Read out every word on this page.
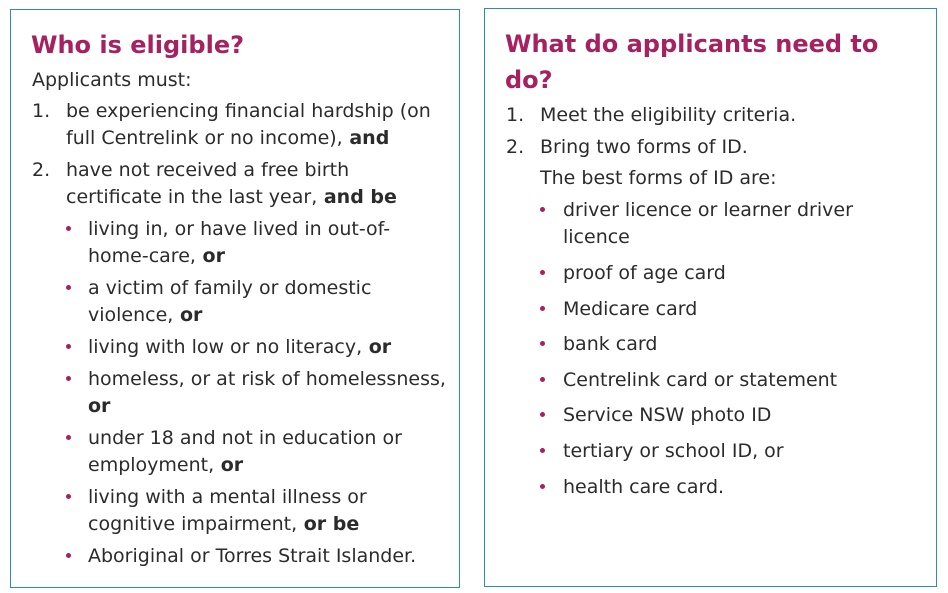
Who is eligible?
Applicants must:
1. be experiencing financial hardship (on
full Centrelink or no income), and
2. have not received a free birth
certificate in the last year, and be
living in, or have lived in out-of-
home-care, or
a victim of family or domestic
violence, or
living with low or no literacy, or
homeless, or at risk of homelessness,
or
under 18 and not in education or
employment, or
living with a mental illness or
cognitive impairment, or be
Aboriginal or Torres Strait Islander.
What do applicants need to
do?
1. Meet the eligibility criteria.
2. Bring two forms of ID.
The best forms of ID are:
driver licence or learner driver
licence
proof of age card
Medicare card
bank card
Centrelink card or statement
Service NSW photo ID
tertiary or school ID, or
health care card.
